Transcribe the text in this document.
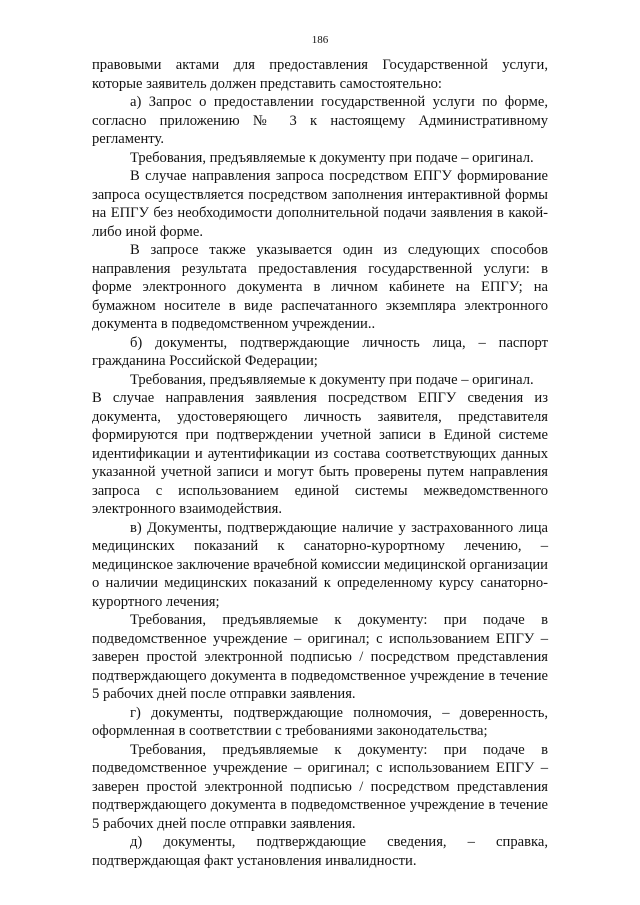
186

правовыми актами для предоставления Государственной услуги, которые заявитель должен представить самостоятельно:

а) Запрос о предоставлении государственной услуги по форме, согласно приложению № 3 к настоящему Административному регламенту.

Требования, предъявляемые к документу при подаче – оригинал.

В случае направления запроса посредством ЕПГУ формирование запроса осуществляется посредством заполнения интерактивной формы на ЕПГУ без необходимости дополнительной подачи заявления в какой-либо иной форме.

В запросе также указывается один из следующих способов направления результата предоставления государственной услуги: в форме электронного документа в личном кабинете на ЕПГУ; на бумажном носителе в виде распечатанного экземпляра электронного документа в подведомственном учреждении..

б) документы, подтверждающие личность лица, – паспорт гражданина Российской Федерации;

Требования, предъявляемые к документу при подаче – оригинал.

В случае направления заявления посредством ЕПГУ сведения из документа, удостоверяющего личность заявителя, представителя формируются при подтверждении учетной записи в Единой системе идентификации и аутентификации из состава соответствующих данных указанной учетной записи и могут быть проверены путем направления запроса с использованием единой системы межведомственного электронного взаимодействия.

в) Документы, подтверждающие наличие у застрахованного лица медицинских показаний к санаторно-курортному лечению, – медицинское заключение врачебной комиссии медицинской организации о наличии медицинских показаний к определенному курсу санаторно-курортного лечения;

Требования, предъявляемые к документу: при подаче в подведомственное учреждение – оригинал; с использованием ЕПГУ – заверен простой электронной подписью / посредством представления подтверждающего документа в подведомственное учреждение в течение 5 рабочих дней после отправки заявления.

г) документы, подтверждающие полномочия, – доверенность, оформленная в соответствии с требованиями законодательства;

Требования, предъявляемые к документу: при подаче в подведомственное учреждение – оригинал; с использованием ЕПГУ – заверен простой электронной подписью / посредством представления подтверждающего документа в подведомственное учреждение в течение 5 рабочих дней после отправки заявления.

д) документы, подтверждающие сведения, – справка, подтверждающая факт установления инвалидности.
